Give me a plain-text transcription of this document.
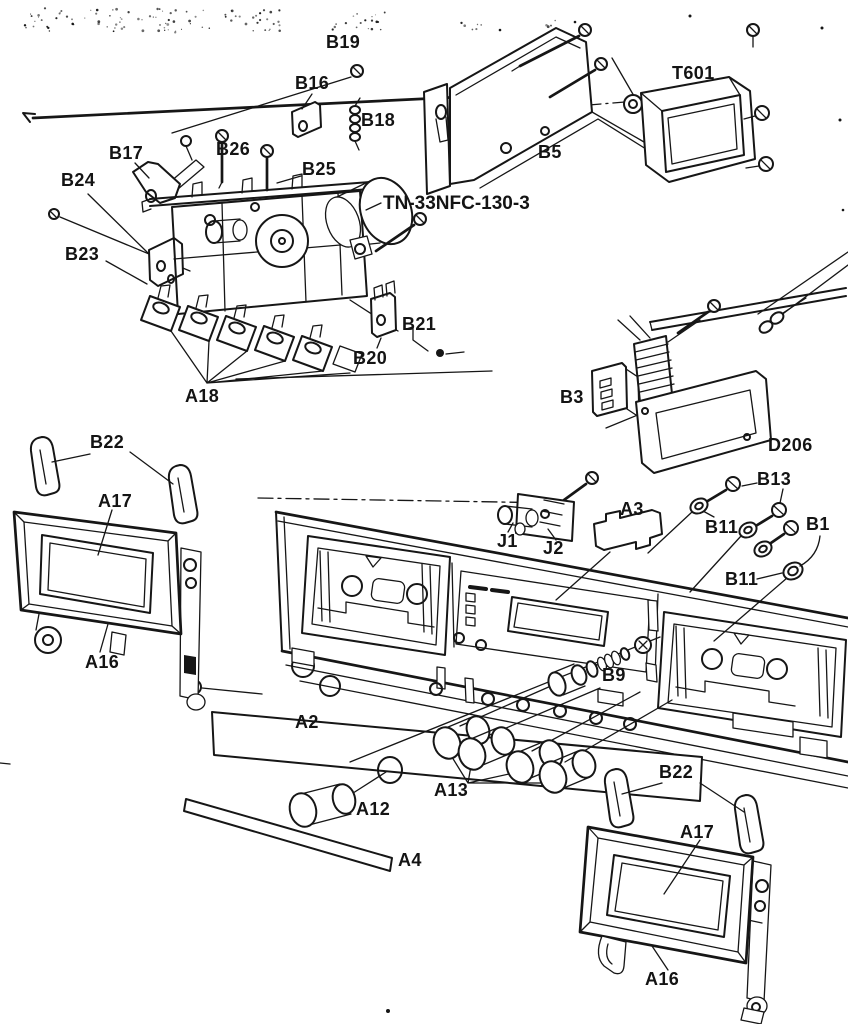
B19
B16
B18
B17
B24
B23
B26
B25
B5
T601
TN-33NFC-130-3
B21
B20
A18	B3
D206
B22
A17
A16
J1 J2
A3
B13
B11	B1
B11
B9
A2
A12
A13
A4
B22
A17
A16
